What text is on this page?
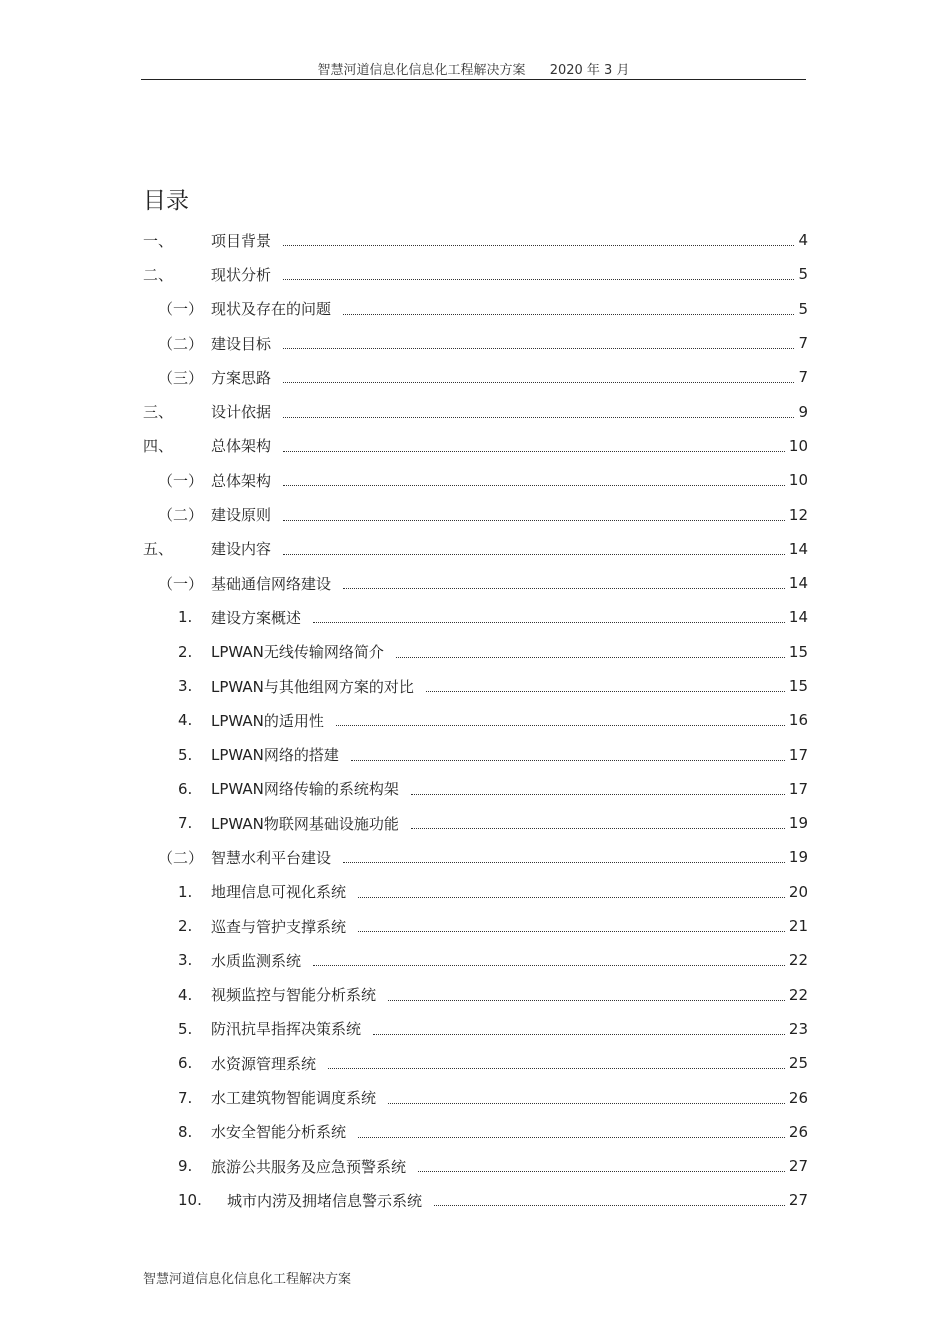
智慧河道信息化信息化工程解决方案 2020 年 3 月
目录
一、	项目背景	4
二、	现状分析	5
（一） 现状及存在的问题	5
（二） 建设目标	7
（三） 方案思路	7
三、	设计依据	9
四、	总体架构	10
（一） 总体架构	10
（二） 建设原则	12
五、	建设内容	14
（一） 基础通信网络建设	14
1.	建设方案概述	14
2.	LPWAN无线传输网络简介	15
3.	LPWAN与其他组网方案的对比	15
4.	LPWAN的适用性	16
5.	LPWAN网络的搭建	17
6.	LPWAN网络传输的系统构架	17
7.	LPWAN物联网基础设施功能	19
（二） 智慧水利平台建设	19
1.	地理信息可视化系统	20
2.	巡查与管护支撑系统	21
3.	水质监测系统	22
4.	视频监控与智能分析系统	22
5.	防汛抗旱指挥决策系统	23
6.	水资源管理系统	25
7.	水工建筑物智能调度系统	26
8.	水安全智能分析系统	26
9.	旅游公共服务及应急预警系统	27
10.	城市内涝及拥堵信息警示系统	27
智慧河道信息化信息化工程解决方案
